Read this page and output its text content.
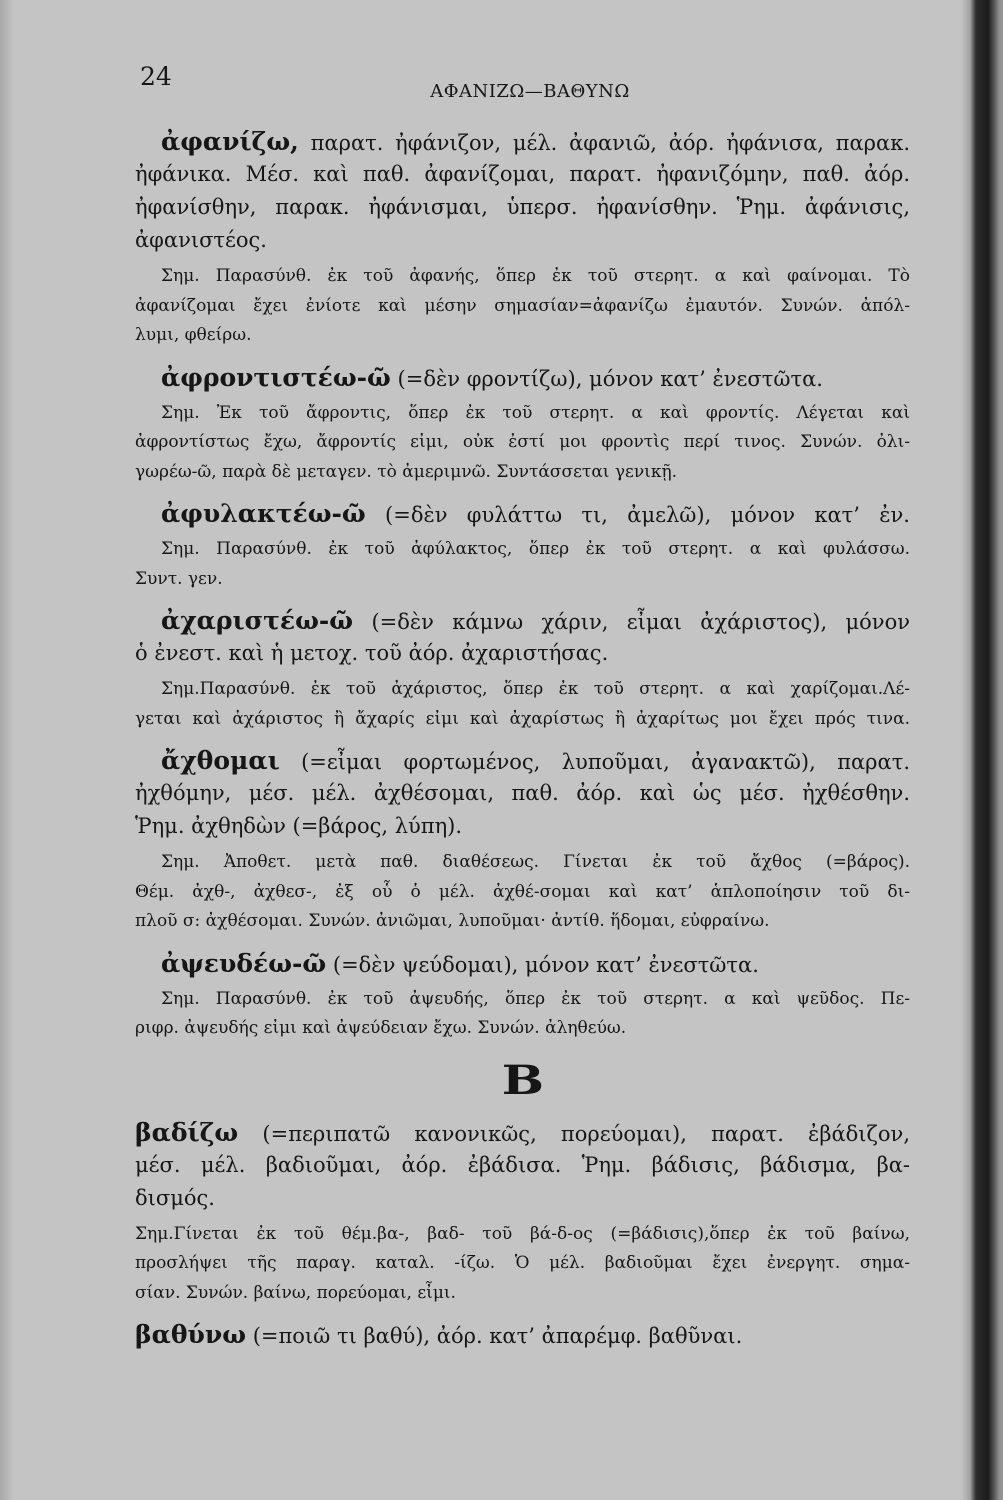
24
ΑΦΑΝΙΖΩ—ΒΑΘΥΝΩ
ἀφανίζω, παρατ. ἠφάνιζον, μέλ. ἀφανιῶ, ἀόρ. ἠφάνισα, παρακ.
ἠφάνικα. Μέσ. καὶ παθ. ἀφανίζομαι, παρατ. ἠφανιζόμην, παθ. ἀόρ.
ἠφανίσθην, παρακ. ἠφάνισμαι, ὑπερσ. ἠφανίσθην. Ῥημ. ἀφάνισις,
ἀφανιστέος.
Σημ. Παρασύνθ. ἐκ τοῦ ἀφανής, ὅπερ ἐκ τοῦ στερητ. α καὶ φαίνομαι. Τὸ
ἀφανίζομαι ἔχει ἐνίοτε καὶ μέσην σημασίαν=ἀφανίζω ἐμαυτόν. Συνών. ἀπόλ-
λυμι, φθείρω.
ἀφροντιστέω-ῶ (=δὲν φροντίζω), μόνον κατ’ ἐνεστῶτα.
Σημ. Ἐκ τοῦ ἄφροντις, ὅπερ ἐκ τοῦ στερητ. α καὶ φροντίς. Λέγεται καὶ
ἀφροντίστως ἔχω, ἄφροντίς εἰμι, οὐκ ἐστί μοι φροντὶς περί τινος. Συνών. ὀλι-
γωρέω-ῶ, παρὰ δὲ μεταγεν. τὸ ἀμεριμνῶ. Συντάσσεται γενικῇ.
ἀφυλακτέω-ῶ (=δὲν φυλάττω τι, ἀμελῶ), μόνον κατ’ ἐν.
Σημ. Παρασύνθ. ἐκ τοῦ ἀφύλακτος, ὅπερ ἐκ τοῦ στερητ. α καὶ φυλάσσω.
Συντ. γεν.
ἀχαριστέω-ῶ (=δὲν κάμνω χάριν, εἶμαι ἀχάριστος), μόνον
ὁ ἐνεστ. καὶ ἡ μετοχ. τοῦ ἀόρ. ἀχαριστήσας.
Σημ.Παρασύνθ. ἐκ τοῦ ἀχάριστος, ὅπερ ἐκ τοῦ στερητ. α καὶ χαρίζομαι.Λέ-
γεται καὶ ἀχάριστος ἢ ἄχαρίς εἰμι καὶ ἀχαρίστως ἢ ἀχαρίτως μοι ἔχει πρός τινα.
ἄχθομαι (=εἶμαι φορτωμένος, λυποῦμαι, ἀγανακτῶ), παρατ.
ἠχθόμην, μέσ. μέλ. ἀχθέσομαι, παθ. ἀόρ. καὶ ὡς μέσ. ἠχθέσθην.
Ῥημ. ἀχθηδὼν (=βάρος, λύπη).
Σημ. Ἀποθετ. μετὰ παθ. διαθέσεως. Γίνεται ἐκ τοῦ ἄχθος (=βάρος).
Θέμ. ἀχθ-, ἀχθεσ-, ἐξ οὗ ὁ μέλ. ἀχθέ-σομαι καὶ κατ’ ἁπλοποίησιν τοῦ δι-
πλοῦ σ: ἀχθέσομαι. Συνών. ἀνιῶμαι, λυποῦμαι· ἀντίθ. ἥδομαι, εὐφραίνω.
ἀψευδέω-ῶ (=δὲν ψεύδομαι), μόνον κατ’ ἐνεστῶτα.
Σημ. Παρασύνθ. ἐκ τοῦ ἀψευδής, ὅπερ ἐκ τοῦ στερητ. α καὶ ψεῦδος. Πε-
ριφρ. ἀψευδής εἰμι καὶ ἀψεύδειαν ἔχω. Συνών. ἀληθεύω.
Β
βαδίζω (=περιπατῶ κανονικῶς, πορεύομαι), παρατ. ἐβάδιζον,
μέσ. μέλ. βαδιοῦμαι, ἀόρ. ἐβάδισα. Ῥημ. βάδισις, βάδισμα, βα-
δισμός.
Σημ.Γίνεται ἐκ τοῦ θέμ.βα-, βαδ- τοῦ βά-δ-ος (=βάδισις),ὅπερ ἐκ τοῦ βαίνω,
προσλήψει τῆς παραγ. καταλ. -ίζω. Ὁ μέλ. βαδιοῦμαι ἔχει ἐνεργητ. σημα-
σίαν. Συνών. βαίνω, πορεύομαι, εἶμι.
βαθύνω (=ποιῶ τι βαθύ), ἀόρ. κατ’ ἀπαρέμφ. βαθῦναι.
